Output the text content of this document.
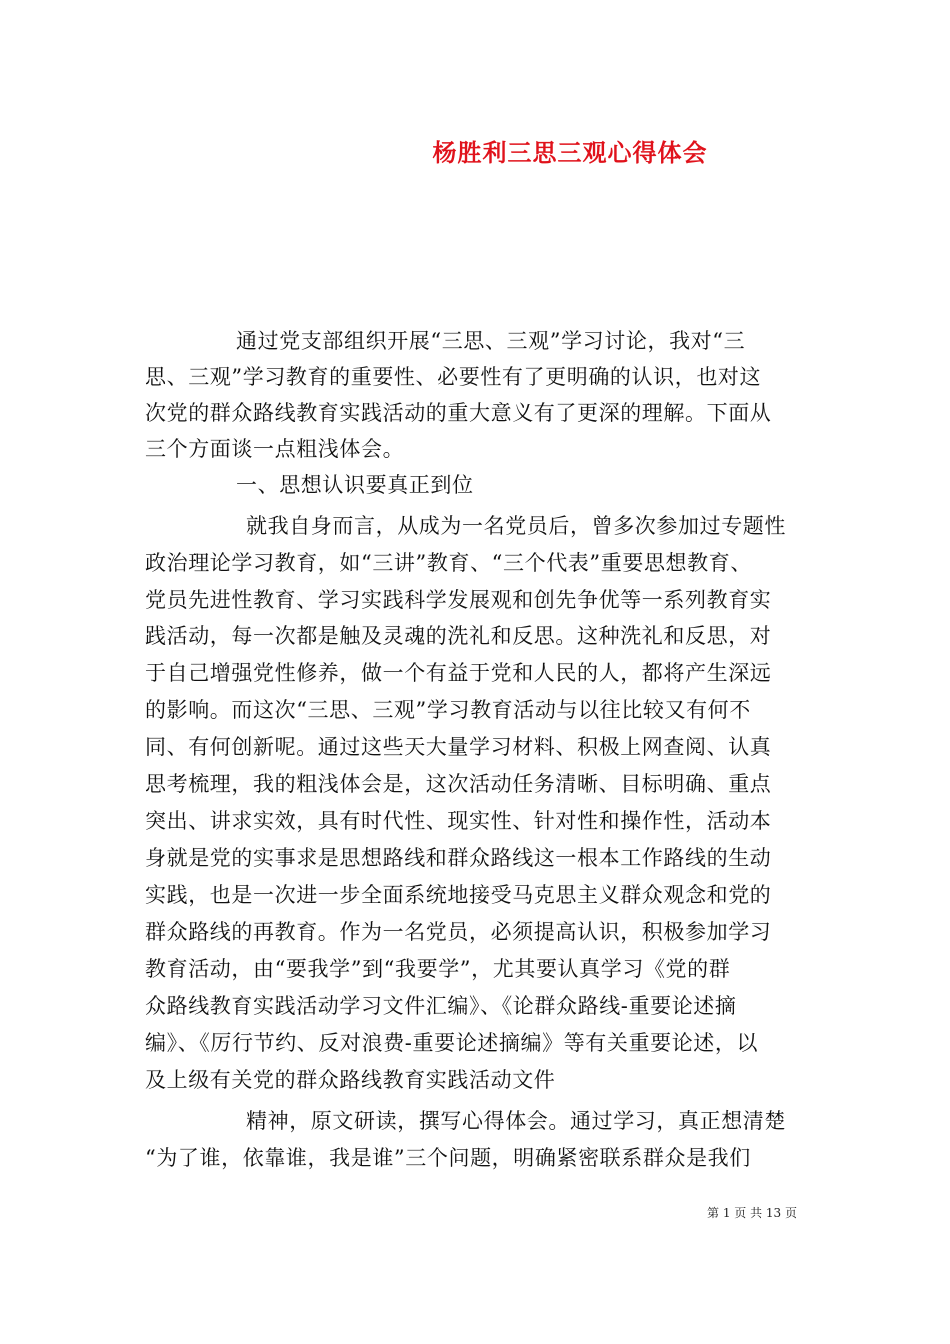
杨胜利三思三观心得体会
通过党支部组织开展“三思、三观”学习讨论，我对“三
思、三观”学习教育的重要性、必要性有了更明确的认识，也对这
次党的群众路线教育实践活动的重大意义有了更深的理解。下面从
三个方面谈一点粗浅体会。
一、思想认识要真正到位
就我自身而言，从成为一名党员后，曾多次参加过专题性
政治理论学习教育，如“三讲”教育、“三个代表”重要思想教育、
党员先进性教育、学习实践科学发展观和创先争优等一系列教育实
践活动，每一次都是触及灵魂的洗礼和反思。这种洗礼和反思，对
于自己增强党性修养，做一个有益于党和人民的人，都将产生深远
的影响。而这次“三思、三观”学习教育活动与以往比较又有何不
同、有何创新呢。通过这些天大量学习材料、积极上网查阅、认真
思考梳理，我的粗浅体会是，这次活动任务清晰、目标明确、重点
突出、讲求实效，具有时代性、现实性、针对性和操作性，活动本
身就是党的实事求是思想路线和群众路线这一根本工作路线的生动
实践，也是一次进一步全面系统地接受马克思主义群众观念和党的
群众路线的再教育。作为一名党员，必须提高认识，积极参加学习
教育活动，由“要我学”到“我要学”，尤其要认真学习《党的群
众路线教育实践活动学习文件汇编》、《论群众路线-重要论述摘
编》、《厉行节约、反对浪费-重要论述摘编》等有关重要论述，以
及上级有关党的群众路线教育实践活动文件
精神，原文研读，撰写心得体会。通过学习，真正想清楚
“为了谁，依靠谁，我是谁”三个问题，明确紧密联系群众是我们
第 1 页 共 13 页
